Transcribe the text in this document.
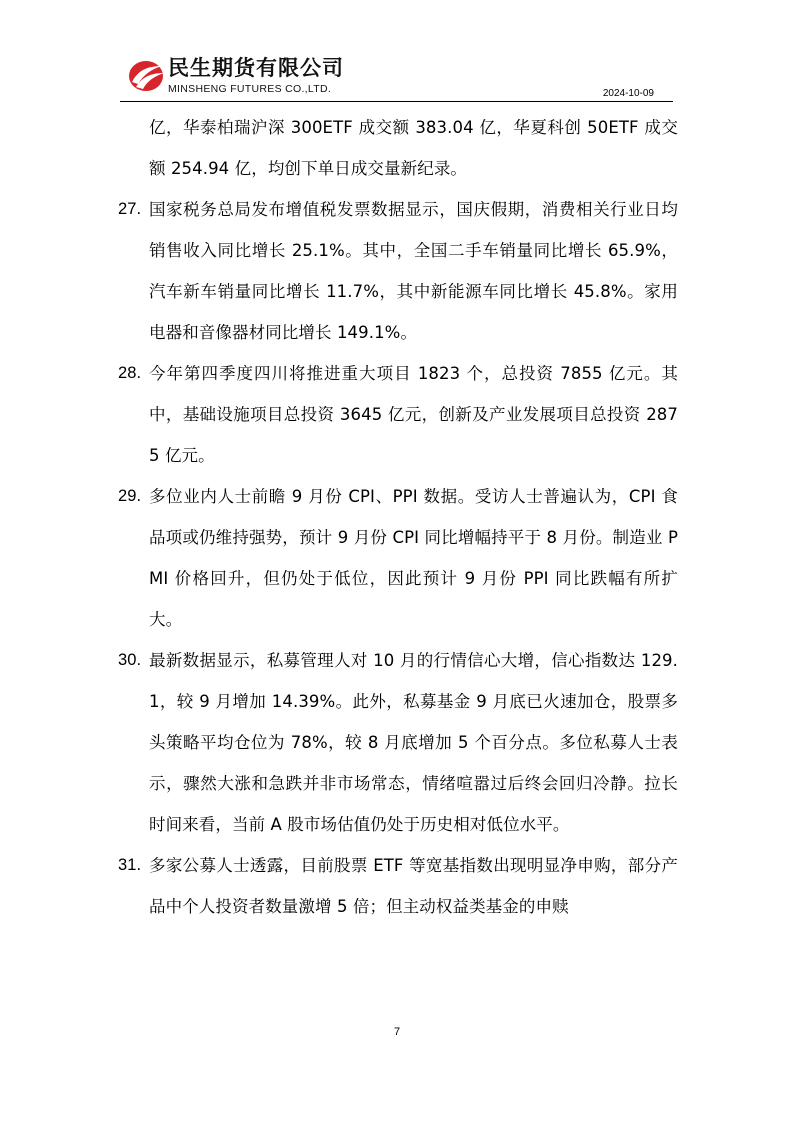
民生期货有限公司
MINSHENG FUTURES CO.,LTD.	2024-10-09
亿，华泰柏瑞沪深 300ETF 成交额 383.04 亿，华夏科创 50ETF 成交额 254.94 亿，均创下单日成交量新纪录。
27. 国家税务总局发布增值税发票数据显示，国庆假期，消费相关行业日均销售收入同比增长 25.1%。其中，全国二手车销量同比增长 65.9%，汽车新车销量同比增长 11.7%，其中新能源车同比增长 45.8%。家用电器和音像器材同比增长 149.1%。
28. 今年第四季度四川将推进重大项目 1823 个，总投资 7855 亿元。其中，基础设施项目总投资 3645 亿元，创新及产业发展项目总投资 2875 亿元。
29. 多位业内人士前瞻 9 月份 CPI、PPI 数据。受访人士普遍认为，CPI 食品项或仍维持强势，预计 9 月份 CPI 同比增幅持平于 8 月份。制造业 PMI 价格回升，但仍处于低位，因此预计 9 月份 PPI 同比跌幅有所扩大。
30. 最新数据显示，私募管理人对 10 月的行情信心大增，信心指数达 129.1，较 9 月增加 14.39%。此外，私募基金 9 月底已火速加仓，股票多头策略平均仓位为 78%，较 8 月底增加 5 个百分点。多位私募人士表示，骤然大涨和急跌并非市场常态，情绪喧嚣过后终会回归冷静。拉长时间来看，当前 A 股市场估值仍处于历史相对低位水平。
31. 多家公募人士透露，目前股票 ETF 等宽基指数出现明显净申购，部分产品中个人投资者数量激增 5 倍；但主动权益类基金的申赎
7
